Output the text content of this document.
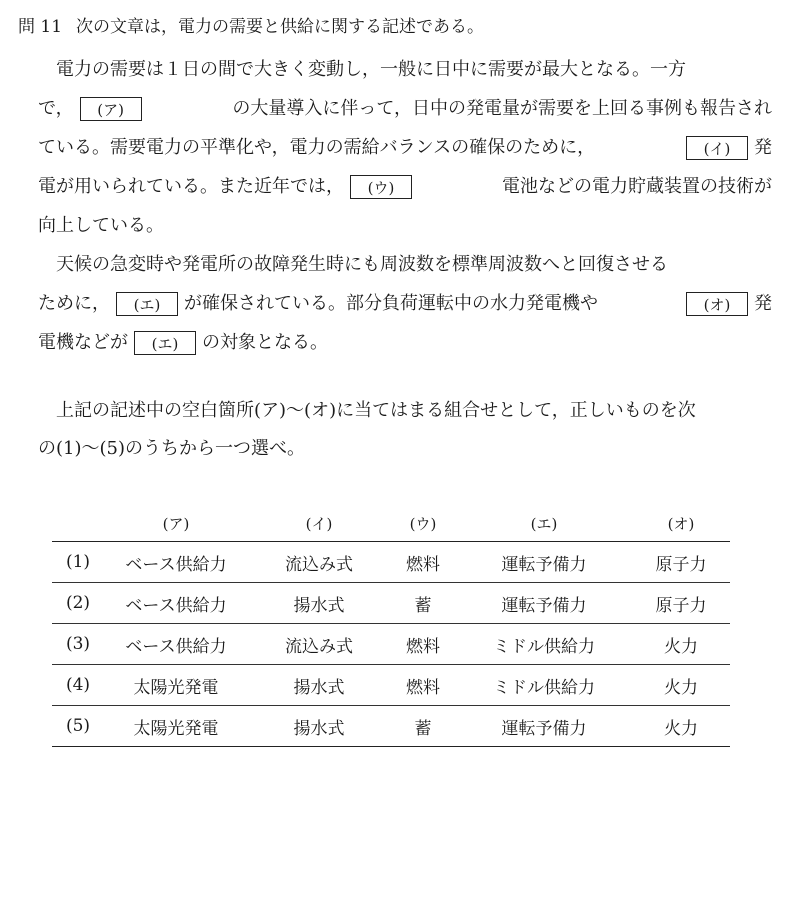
問 11 次の文章は，電力の需要と供給に関する記述である。
電力の需要は１日の間で大きく変動し，一般に日中に需要が最大となる。一方
で，	(ア)	の大量導入に伴って，日中の発電量が需要を上回る事例も報告され
ている。需要電力の平準化や，電力の需給バランスの確保のために，	(イ)	発
電が用いられている。また近年では，	(ウ)	電池などの電力貯蔵装置の技術が
向上している。
天候の急変時や発電所の故障発生時にも周波数を標準周波数へと回復させる
ために，	(エ)	が確保されている。部分負荷運転中の水力発電機や	(オ)	発
電機などが	(エ)	の対象となる。
上記の記述中の空白箇所(ア)～(オ)に当てはまる組合せとして，正しいものを次
の(1)～(5)のうちから一つ選べ。
	(ア)	(イ)	(ウ)	(エ)	(オ)
(1)	ベース供給力	流込み式	燃料	運転予備力	原子力
(2)	ベース供給力	揚水式	蓄	運転予備力	原子力
(3)	ベース供給力	流込み式	燃料	ミドル供給力	火力
(4)	太陽光発電	揚水式	燃料	ミドル供給力	火力
(5)	太陽光発電	揚水式	蓄	運転予備力	火力
